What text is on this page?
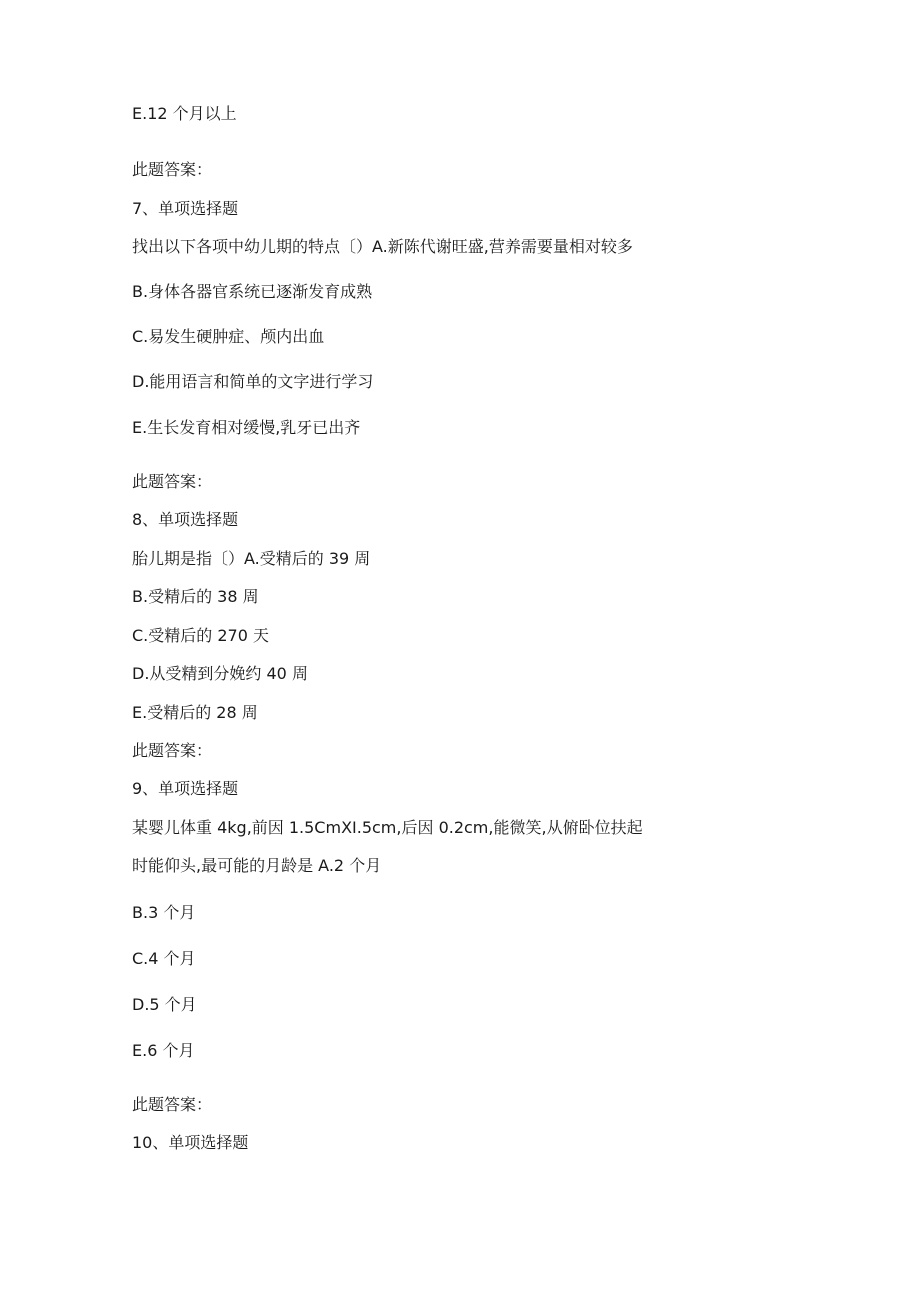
E.12 个月以上
此题答案：
7、单项选择题
找出以下各项中幼儿期的特点〔）A.新陈代谢旺盛,营养需要量相对较多
B.身体各器官系统已逐渐发育成熟
C.易发生硬肿症、颅内出血
D.能用语言和简单的文字进行学习
E.生长发育相对缓慢,乳牙已出齐
此题答案：
8、单项选择题
胎儿期是指〔）A.受精后的 39 周
B.受精后的 38 周
C.受精后的 270 天
D.从受精到分娩约 40 周
E.受精后的 28 周
此题答案：
9、单项选择题
某婴儿体重 4kg,前因 1.5CmXI.5cm,后因 0.2cm,能微笑,从俯卧位扶起
时能仰头,最可能的月龄是 A.2 个月
B.3 个月
C.4 个月
D.5 个月
E.6 个月
此题答案：
10、单项选择题
